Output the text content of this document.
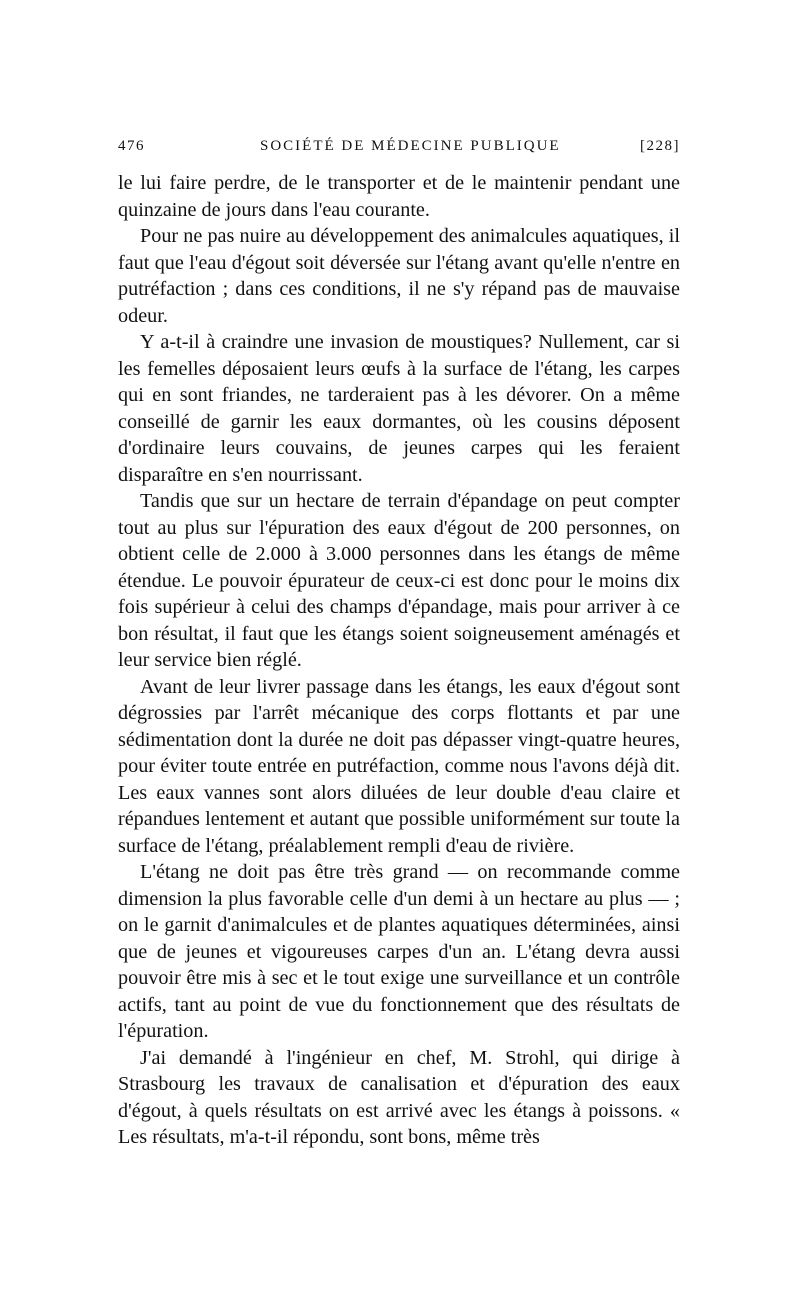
476	SOCIÉTÉ DE MÉDECINE PUBLIQUE	[228]

le lui faire perdre, de le transporter et de le maintenir pendant une quinzaine de jours dans l'eau courante.

Pour ne pas nuire au développement des animalcules aquatiques, il faut que l'eau d'égout soit déversée sur l'étang avant qu'elle n'entre en putréfaction ; dans ces conditions, il ne s'y répand pas de mauvaise odeur.

Y a-t-il à craindre une invasion de moustiques? Nullement, car si les femelles déposaient leurs œufs à la surface de l'étang, les carpes qui en sont friandes, ne tarderaient pas à les dévorer. On a même conseillé de garnir les eaux dormantes, où les cousins déposent d'ordinaire leurs couvains, de jeunes carpes qui les feraient disparaître en s'en nourrissant.

Tandis que sur un hectare de terrain d'épandage on peut compter tout au plus sur l'épuration des eaux d'égout de 200 personnes, on obtient celle de 2.000 à 3.000 personnes dans les étangs de même étendue. Le pouvoir épurateur de ceux-ci est donc pour le moins dix fois supérieur à celui des champs d'épandage, mais pour arriver à ce bon résultat, il faut que les étangs soient soigneusement aménagés et leur service bien réglé.

Avant de leur livrer passage dans les étangs, les eaux d'égout sont dégrossies par l'arrêt mécanique des corps flottants et par une sédimentation dont la durée ne doit pas dépasser vingt-quatre heures, pour éviter toute entrée en putréfaction, comme nous l'avons déjà dit. Les eaux vannes sont alors diluées de leur double d'eau claire et répandues lentement et autant que possible uniformément sur toute la surface de l'étang, préalablement rempli d'eau de rivière.

L'étang ne doit pas être très grand — on recommande comme dimension la plus favorable celle d'un demi à un hectare au plus — ; on le garnit d'animalcules et de plantes aquatiques déterminées, ainsi que de jeunes et vigoureuses carpes d'un an. L'étang devra aussi pouvoir être mis à sec et le tout exige une surveillance et un contrôle actifs, tant au point de vue du fonctionnement que des résultats de l'épuration.

J'ai demandé à l'ingénieur en chef, M. Strohl, qui dirige à Strasbourg les travaux de canalisation et d'épuration des eaux d'égout, à quels résultats on est arrivé avec les étangs à poissons. « Les résultats, m'a-t-il répondu, sont bons, même très
